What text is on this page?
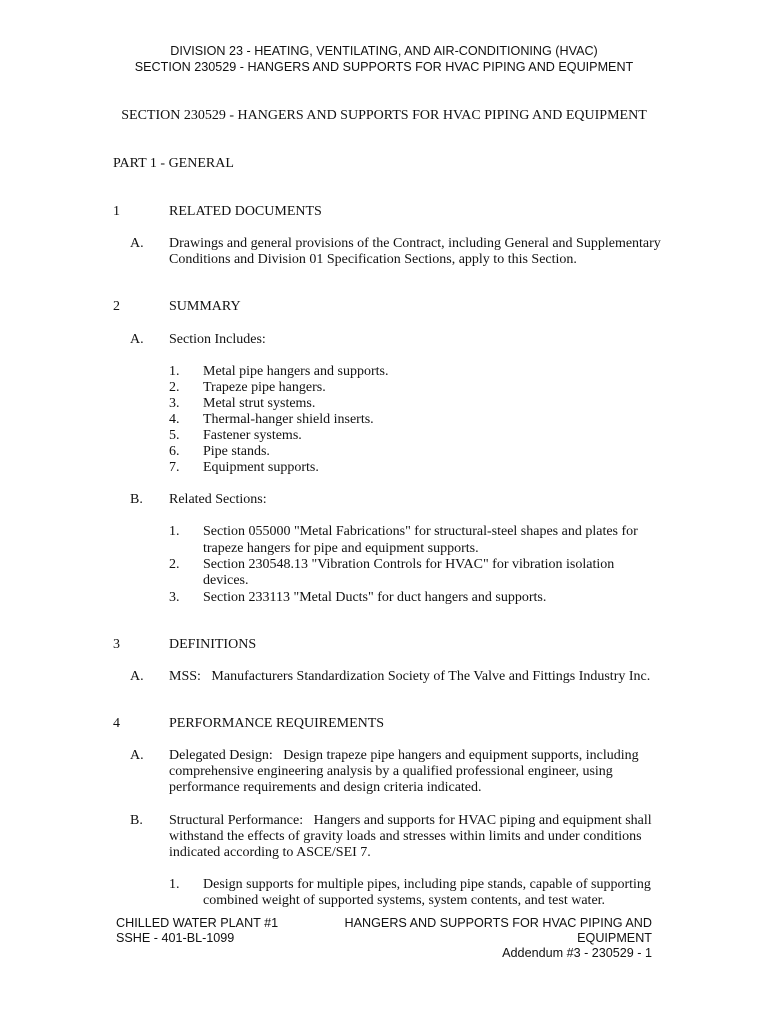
DIVISION 23 - HEATING, VENTILATING, AND AIR-CONDITIONING (HVAC)
SECTION 230529 - HANGERS AND SUPPORTS FOR HVAC PIPING AND EQUIPMENT
SECTION 230529 - HANGERS AND SUPPORTS FOR HVAC PIPING AND EQUIPMENT
PART 1 - GENERAL
1	RELATED DOCUMENTS
A. Drawings and general provisions of the Contract, including General and Supplementary
Conditions and Division 01 Specification Sections, apply to this Section.
2	SUMMARY
A. Section Includes:
1. Metal pipe hangers and supports.
2. Trapeze pipe hangers.
3. Metal strut systems.
4. Thermal-hanger shield inserts.
5. Fastener systems.
6. Pipe stands.
7. Equipment supports.
B. Related Sections:
1. Section 055000 "Metal Fabrications" for structural-steel shapes and plates for
trapeze hangers for pipe and equipment supports.
2. Section 230548.13 "Vibration Controls for HVAC" for vibration isolation
devices.
3. Section 233113 "Metal Ducts" for duct hangers and supports.
3	DEFINITIONS
A. MSS:   Manufacturers Standardization Society of The Valve and Fittings Industry Inc.
4	PERFORMANCE REQUIREMENTS
A. Delegated Design:   Design trapeze pipe hangers and equipment supports, including
comprehensive engineering analysis by a qualified professional engineer, using
performance requirements and design criteria indicated.
B. Structural Performance:   Hangers and supports for HVAC piping and equipment shall
withstand the effects of gravity loads and stresses within limits and under conditions
indicated according to ASCE/SEI 7.
1. Design supports for multiple pipes, including pipe stands, capable of supporting
combined weight of supported systems, system contents, and test water.
CHILLED WATER PLANT #1
SSHE - 401-BL-1099
HANGERS AND SUPPORTS FOR HVAC PIPING AND
EQUIPMENT
Addendum #3 - 230529 - 1
